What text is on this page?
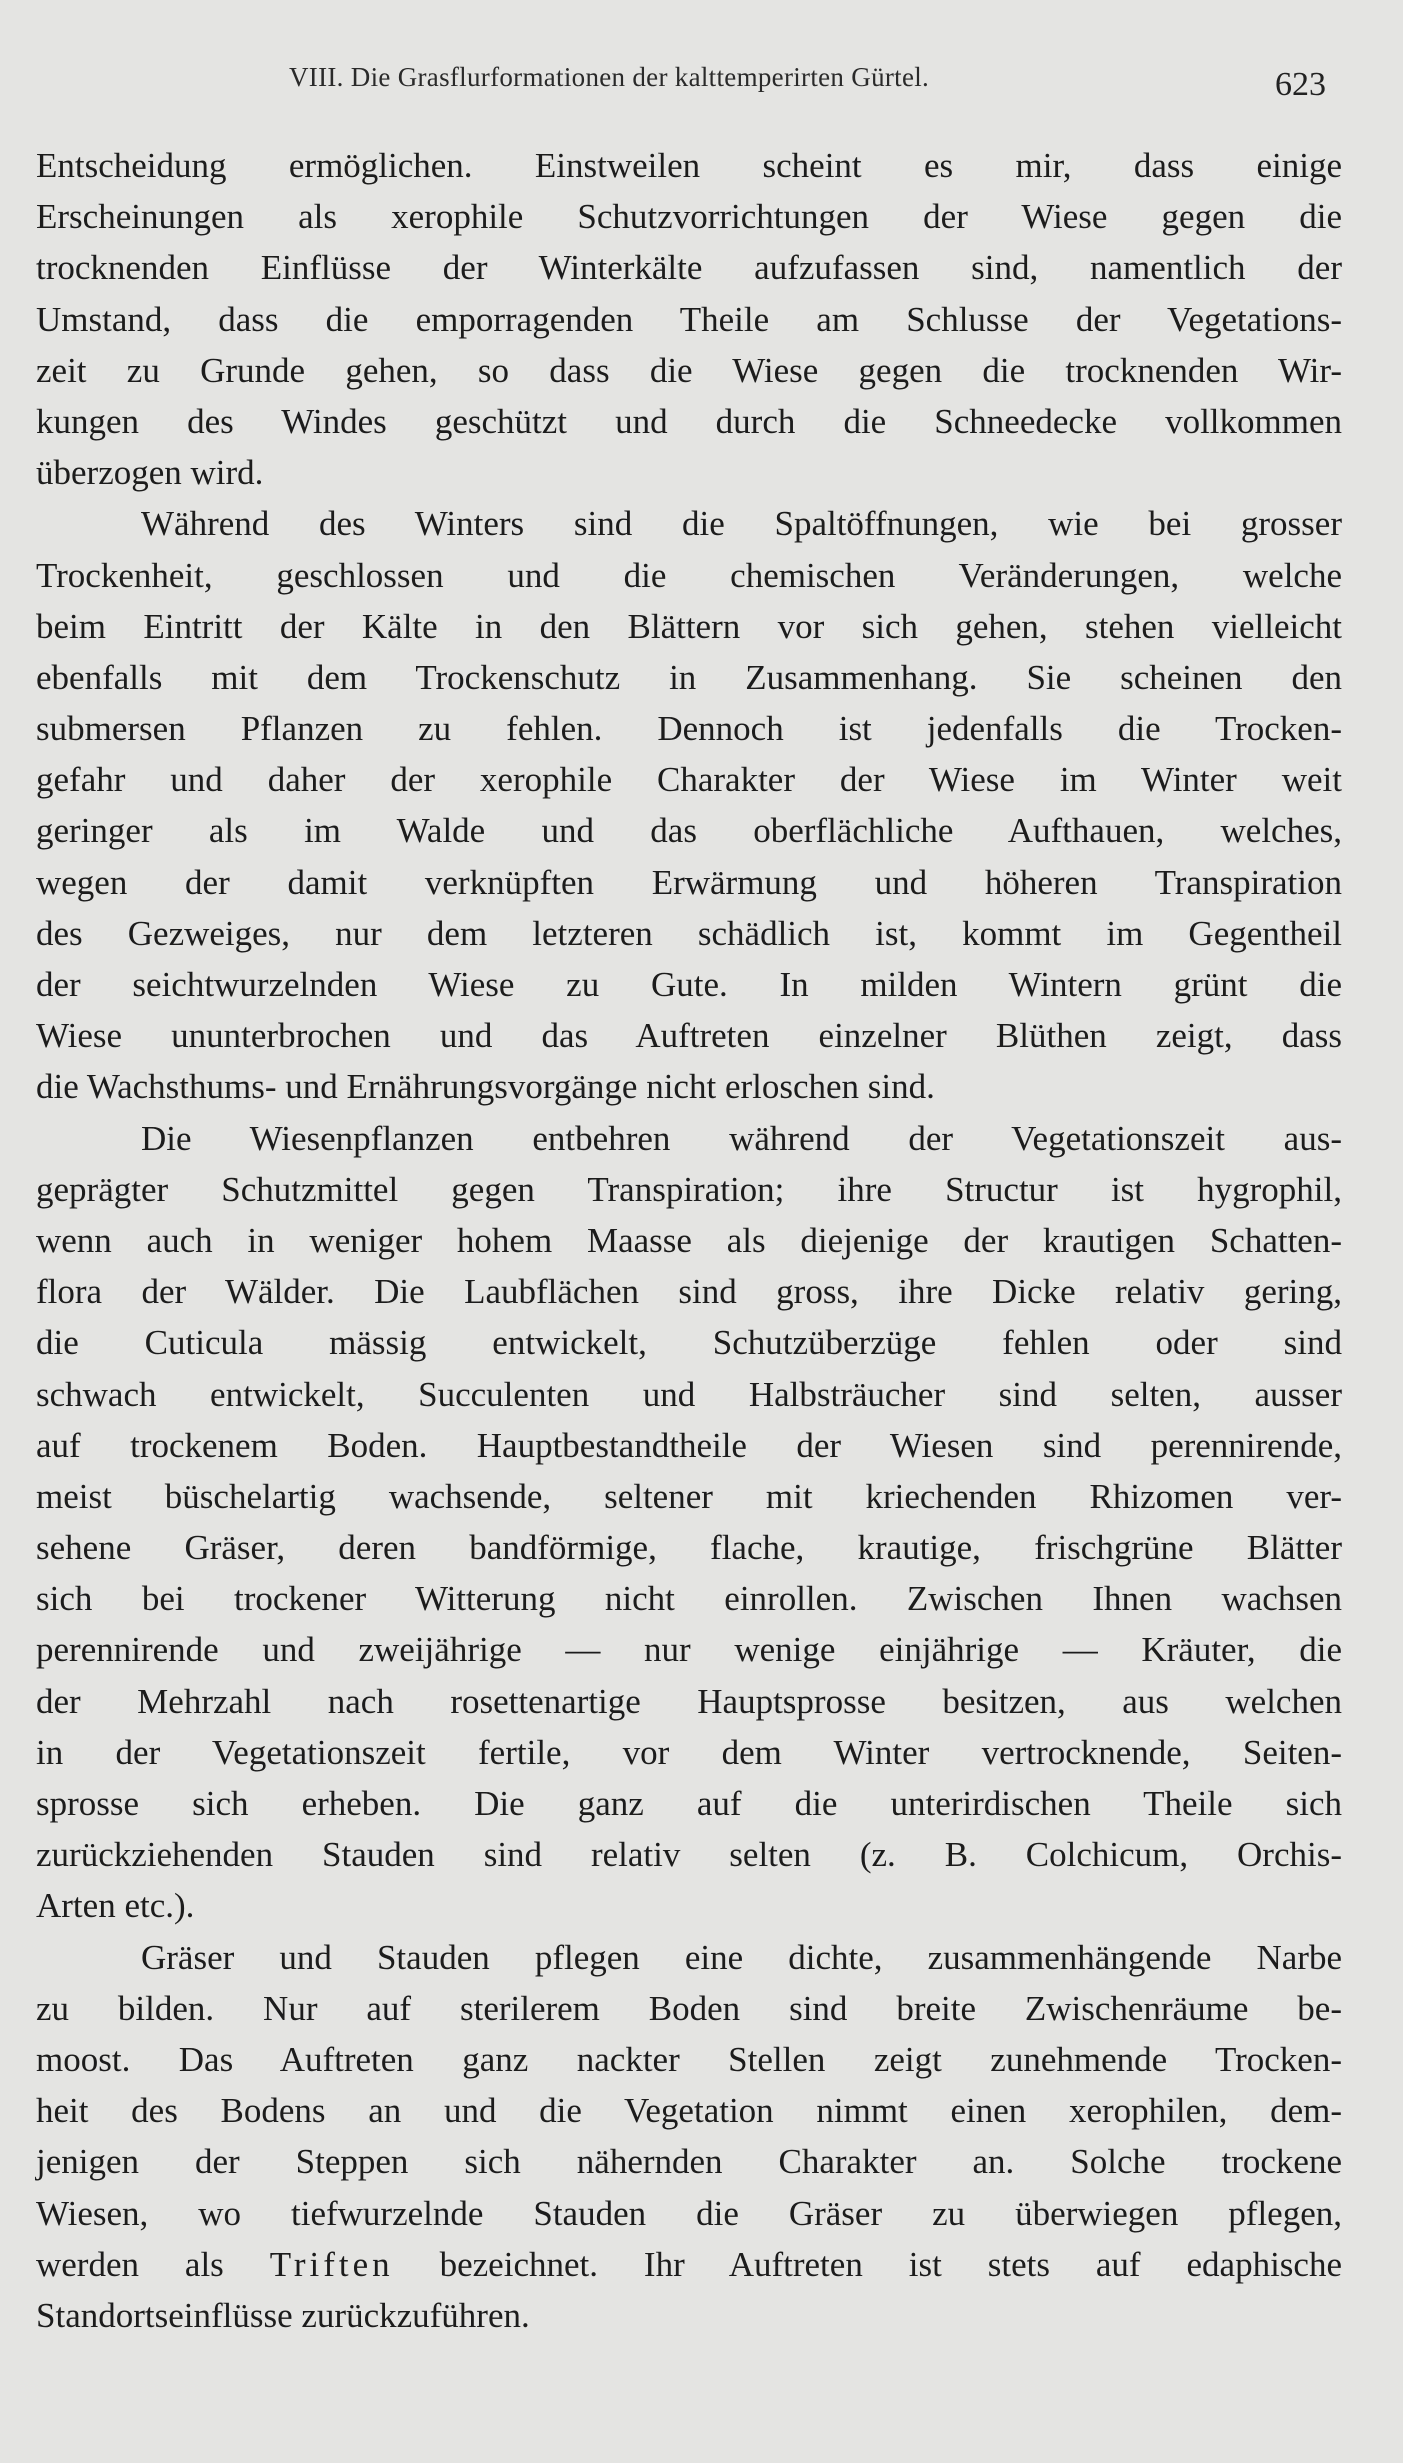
VIII. Die Grasflurformationen der kalttemperirten Gürtel.	623
Entscheidung ermöglichen. Einstweilen scheint es mir, dass einige
Erscheinungen als xerophile Schutzvorrichtungen der Wiese gegen die
trocknenden Einflüsse der Winterkälte aufzufassen sind, namentlich der
Umstand, dass die emporragenden Theile am Schlusse der Vegetations-
zeit zu Grunde gehen, so dass die Wiese gegen die trocknenden Wir-
kungen des Windes geschützt und durch die Schneedecke vollkommen
überzogen wird.
Während des Winters sind die Spaltöffnungen, wie bei grosser
Trockenheit, geschlossen und die chemischen Veränderungen, welche
beim Eintritt der Kälte in den Blättern vor sich gehen, stehen vielleicht
ebenfalls mit dem Trockenschutz in Zusammenhang. Sie scheinen den
submersen Pflanzen zu fehlen. Dennoch ist jedenfalls die Trocken-
gefahr und daher der xerophile Charakter der Wiese im Winter weit
geringer als im Walde und das oberflächliche Aufthauen, welches,
wegen der damit verknüpften Erwärmung und höheren Transpiration
des Gezweiges, nur dem letzteren schädlich ist, kommt im Gegentheil
der seichtwurzelnden Wiese zu Gute. In milden Wintern grünt die
Wiese ununterbrochen und das Auftreten einzelner Blüthen zeigt, dass
die Wachsthums- und Ernährungsvorgänge nicht erloschen sind.
Die Wiesenpflanzen entbehren während der Vegetationszeit aus-
geprägter Schutzmittel gegen Transpiration; ihre Structur ist hygrophil,
wenn auch in weniger hohem Maasse als diejenige der krautigen Schatten-
flora der Wälder. Die Laubflächen sind gross, ihre Dicke relativ gering,
die Cuticula mässig entwickelt, Schutzüberzüge fehlen oder sind
schwach entwickelt, Succulenten und Halbsträucher sind selten, ausser
auf trockenem Boden. Hauptbestandtheile der Wiesen sind perennirende,
meist büschelartig wachsende, seltener mit kriechenden Rhizomen ver-
sehene Gräser, deren bandförmige, flache, krautige, frischgrüne Blätter
sich bei trockener Witterung nicht einrollen. Zwischen Ihnen wachsen
perennirende und zweijährige — nur wenige einjährige — Kräuter, die
der Mehrzahl nach rosettenartige Hauptsprosse besitzen, aus welchen
in der Vegetationszeit fertile, vor dem Winter vertrocknende, Seiten-
sprosse sich erheben. Die ganz auf die unterirdischen Theile sich
zurückziehenden Stauden sind relativ selten (z. B. Colchicum, Orchis-
Arten etc.).
Gräser und Stauden pflegen eine dichte, zusammenhängende Narbe
zu bilden. Nur auf sterilerem Boden sind breite Zwischenräume be-
moost. Das Auftreten ganz nackter Stellen zeigt zunehmende Trocken-
heit des Bodens an und die Vegetation nimmt einen xerophilen, dem-
jenigen der Steppen sich nähernden Charakter an. Solche trockene
Wiesen, wo tiefwurzelnde Stauden die Gräser zu überwiegen pflegen,
werden als Triften bezeichnet. Ihr Auftreten ist stets auf edaphische
Standortseinflüsse zurückzuführen.
